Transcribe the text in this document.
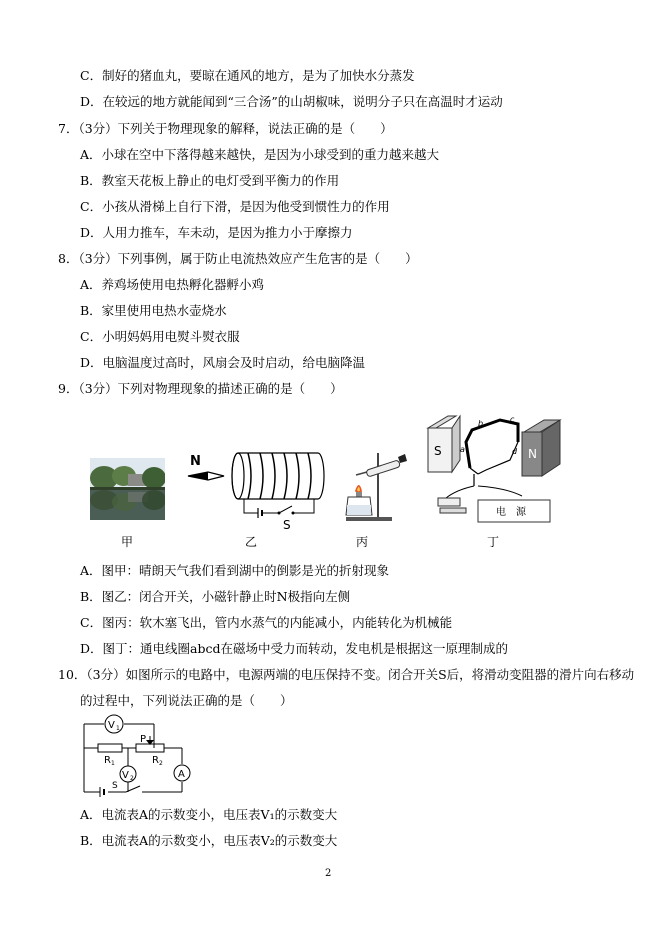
C．制好的猪血丸，要晾在通风的地方，是为了加快水分蒸发
D．在较远的地方就能闻到“三合汤”的山胡椒味，说明分子只在高温时才运动
7．（3分）下列关于物理现象的解释，说法正确的是（　　）
A．小球在空中下落得越来越快，是因为小球受到的重力越来越大
B．教室天花板上静止的电灯受到平衡力的作用
C．小孩从滑梯上自行下滑，是因为他受到惯性力的作用
D．人用力推车，车未动，是因为推力小于摩擦力
8．（3分）下列事例，属于防止电流热效应产生危害的是（　　）
A．养鸡场使用电热孵化器孵小鸡
B．家里使用电热水壶烧水
C．小明妈妈用电熨斗熨衣服
D．电脑温度过高时，风扇会及时启动，给电脑降温
9．（3分）下列对物理现象的描述正确的是（　　）
N
S
S	N
a
b	c
d
电　源
甲	乙	丙	丁
A．图甲：晴朗天气我们看到湖中的倒影是光的折射现象
B．图乙：闭合开关，小磁针静止时N极指向左侧
C．图丙：软木塞飞出，管内水蒸气的内能减小，内能转化为机械能
D．图丁：通电线圈abcd在磁场中受力而转动，发电机是根据这一原理制成的
10．（3分）如图所示的电路中，电源两端的电压保持不变。闭合开关S后，将滑动变阻器的滑片向右移动
的过程中，下列说法正确的是（　　）
V 1
V 2	A
R 1	R 2
P
S
A．电流表A的示数变小，电压表V₁的示数变大
B．电流表A的示数变小，电压表V₂的示数变大
2
